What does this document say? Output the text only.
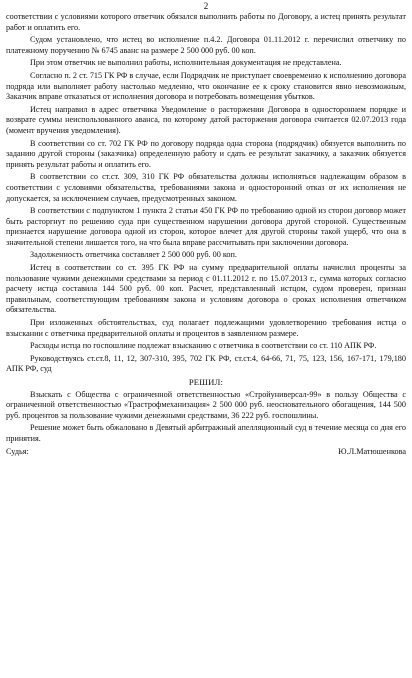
2

соответствии с условиями которого ответчик обязался выполнить работы по Договору, а истец принять результат работ и оплатить его.

Судом установлено, что истец во исполнение п.4.2. Договора 01.11.2012 г. перечислил ответчику по платежному поручению № 6745 аванс на размере 2 500 000 руб. 00 коп.

При этом ответчик не выполнил работы, исполнительная документация не представлена.

Согласно п. 2 ст. 715 ГК РФ в случае, если Подрядчик не приступает своевременно к исполнению договора подряда или выполняет работу настолько медленно, что окончание ее к сроку становится явно невозможным, Заказчик вправе отказаться от исполнения договора и потребовать возмещения убытков.

Истец направил в адрес ответчика Уведомление о расторжении Договора в одностороннем порядке и возврате суммы неиспользованного аванса, по которому датой расторжения договора считается 02.07.2013 года (момент вручения уведомления).

В соответствии со ст. 702 ГК РФ по договору подряда одна сторона (подрядчик) обязуется выполнить по заданию другой стороны (заказчика) определенную работу и сдать ее результат заказчику, а заказчик обязуется принять результат работы и оплатить его.

В соответствии со ст.ст. 309, 310 ГК РФ обязательства должны исполняться надлежащим образом в соответствии с условиями обязательства, требованиями закона и односторонний отказ от их исполнения не допускается, за исключением случаев, предусмотренных законом.

В соответствии с подпунктом 1 пункта 2 статьи 450 ГК РФ по требованию одной из сторон договор может быть расторгнут по решению суда при существенном нарушении договора другой стороной. Существенным признается нарушение договора одной из сторон, которое влечет для другой стороны такой ущерб, что она в значительной степени лишается того, на что была вправе рассчитывать при заключении договора.

Задолженность ответчика составляет 2 500 000 руб. 00 коп.

Истец в соответствии со ст. 395 ГК РФ на сумму предварительной оплаты начислил проценты за пользование чужими денежными средствами за период с 01.11.2012 г. по 15.07.2013 г., сумма которых согласно расчету истца составила 144 500 руб. 00 коп. Расчет, представленный истцом, судом проверен, признан правильным, соответствующим требованиям закона и условиям договора о сроках исполнения ответчиком обязательства.

При изложенных обстоятельствах, суд полагает подлежащими удовлетворению требования истца о взыскании с ответчика предварительной оплаты и процентов в заявленном размере.

Расходы истца по госпошлине подлежат взысканию с ответчика в соответствии со ст. 110 АПК РФ.

Руководствуясь ст.ст.8, 11, 12, 307-310, 395, 702 ГК РФ, ст.ст.4, 64-66, 71, 75, 123, 156, 167-171, 179,180 АПК РФ, суд

РЕШИЛ:

Взыскать с Общества с ограниченной ответственностью «Стройуниверсал-99» в пользу Общества с ограниченной ответственностью «Трастрофмеханизация» 2 500 000 руб. неосновательного обогащения, 144 500 руб. процентов за пользование чужими денежными средствами, 36 222 руб. госпошлины.

Решение может быть обжаловано в Девятый арбитражный апелляционный суд в течение месяца со дня его принятия.

Судья:	Ю.Л.Матюшенкова
